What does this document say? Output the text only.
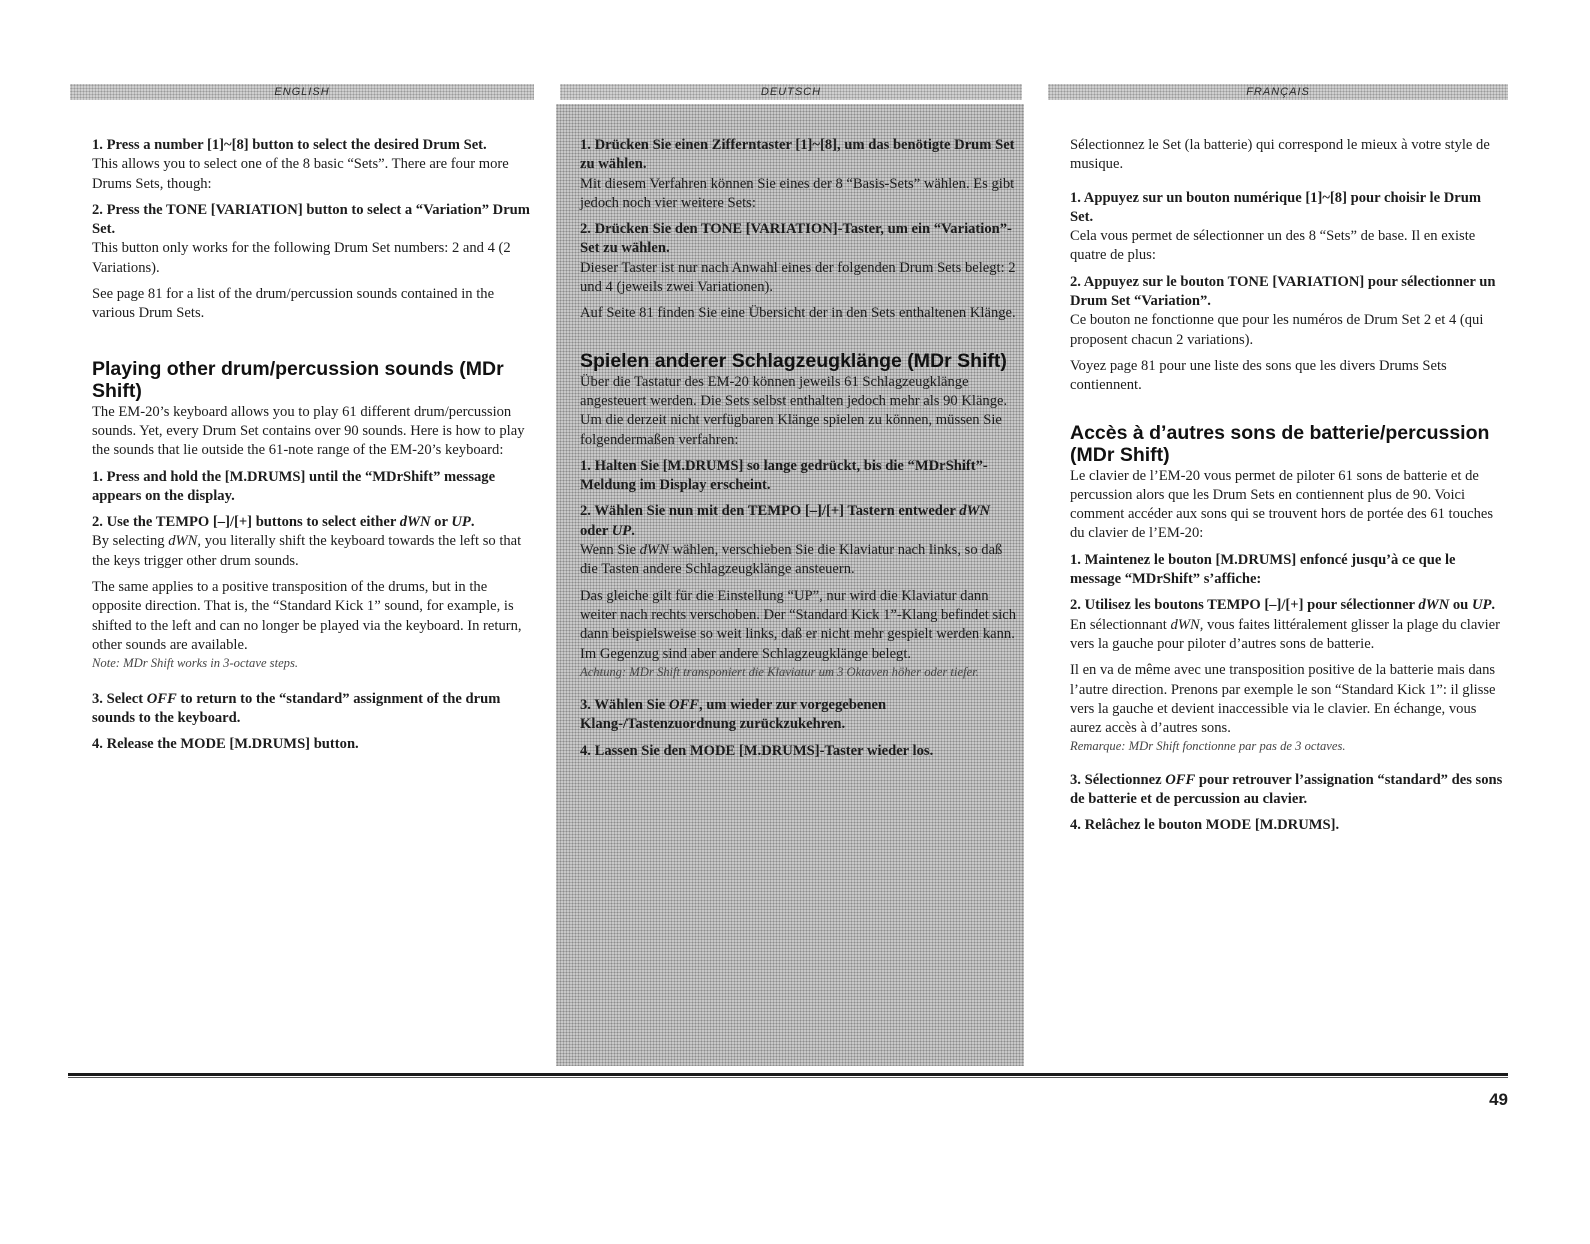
ENGLISH	DEUTSCH	FRANÇAIS

1. Press a number [1]~[8] button to select the desired Drum Set.

This allows you to select one of the 8 basic “Sets”. There are four more Drums Sets, though:

2. Press the TONE [VARIATION] button to select a “Variation” Drum Set.

This button only works for the following Drum Set numbers: 2 and 4 (2 Variations).

See page 81 for a list of the drum/percussion sounds contained in the various Drum Sets.

Playing other drum/percussion sounds (MDr Shift)

The EM-20’s keyboard allows you to play 61 different drum/percussion sounds. Yet, every Drum Set contains over 90 sounds. Here is how to play the sounds that lie outside the 61-note range of the EM-20’s keyboard:

1. Press and hold the [M.DRUMS] until the “MDrShift” message appears on the display.

2. Use the TEMPO [–]/[+] buttons to select either dWN or UP.

By selecting dWN, you literally shift the keyboard towards the left so that the keys trigger other drum sounds.

The same applies to a positive transposition of the drums, but in the opposite direction. That is, the “Standard Kick 1” sound, for example, is shifted to the left and can no longer be played via the keyboard. In return, other sounds are available.

Note: MDr Shift works in 3-octave steps.

3. Select OFF to return to the “standard” assignment of the drum sounds to the keyboard.

4. Release the MODE [M.DRUMS] button.

1. Drücken Sie einen Zifferntaster [1]~[8], um das benötigte Drum Set zu wählen.

Mit diesem Verfahren können Sie eines der 8 “Basis-Sets” wählen. Es gibt jedoch noch vier weitere Sets:

2. Drücken Sie den TONE [VARIATION]-Taster, um ein “Variation”-Set zu wählen.

Dieser Taster ist nur nach Anwahl eines der folgenden Drum Sets belegt: 2 und 4 (jeweils zwei Variationen).

Auf Seite 81 finden Sie eine Übersicht der in den Sets enthaltenen Klänge.

Spielen anderer Schlagzeugklänge (MDr Shift)

Über die Tastatur des EM-20 können jeweils 61 Schlagzeugklänge angesteuert werden. Die Sets selbst enthalten jedoch mehr als 90 Klänge. Um die derzeit nicht verfügbaren Klänge spielen zu können, müssen Sie folgendermaßen verfahren:

1. Halten Sie [M.DRUMS] so lange gedrückt, bis die “MDrShift”-Meldung im Display erscheint.

2. Wählen Sie nun mit den TEMPO [–]/[+] Tastern entweder dWN oder UP.

Wenn Sie dWN wählen, verschieben Sie die Klaviatur nach links, so daß die Tasten andere Schlagzeugklänge ansteuern.

Das gleiche gilt für die Einstellung “UP”, nur wird die Klaviatur dann weiter nach rechts verschoben. Der “Standard Kick 1”-Klang befindet sich dann beispielsweise so weit links, daß er nicht mehr gespielt werden kann. Im Gegenzug sind aber andere Schlagzeugklänge belegt.

Achtung: MDr Shift transponiert die Klaviatur um 3 Oktaven höher oder tiefer.

3. Wählen Sie OFF, um wieder zur vorgegebenen Klang-/Tastenzuordnung zurückzukehren.

4. Lassen Sie den MODE [M.DRUMS]-Taster wieder los.

Sélectionnez le Set (la batterie) qui correspond le mieux à votre style de musique.

1. Appuyez sur un bouton numérique [1]~[8] pour choisir le Drum Set.

Cela vous permet de sélectionner un des 8 “Sets” de base. Il en existe quatre de plus:

2. Appuyez sur le bouton TONE [VARIATION] pour sélectionner un Drum Set “Variation”.

Ce bouton ne fonctionne que pour les numéros de Drum Set 2 et 4 (qui proposent chacun 2 variations).

Voyez page 81 pour une liste des sons que les divers Drums Sets contiennent.

Accès à d’autres sons de batterie/percussion (MDr Shift)

Le clavier de l’EM-20 vous permet de piloter 61 sons de batterie et de percussion alors que les Drum Sets en contiennent plus de 90. Voici comment accéder aux sons qui se trouvent hors de portée des 61 touches du clavier de l’EM-20:

1. Maintenez le bouton [M.DRUMS] enfoncé jusqu’à ce que le message “MDrShift” s’affiche:

2. Utilisez les boutons TEMPO [–]/[+] pour sélectionner dWN ou UP.

En sélectionnant dWN, vous faites littéralement glisser la plage du clavier vers la gauche pour piloter d’autres sons de batterie.

Il en va de même avec une transposition positive de la batterie mais dans l’autre direction. Prenons par exemple le son “Standard Kick 1”: il glisse vers la gauche et devient inaccessible via le clavier. En échange, vous aurez accès à d’autres sons.

Remarque: MDr Shift fonctionne par pas de 3 octaves.

3. Sélectionnez OFF pour retrouver l’assignation “standard” des sons de batterie et de percussion au clavier.

4. Relâchez le bouton MODE [M.DRUMS].

49
